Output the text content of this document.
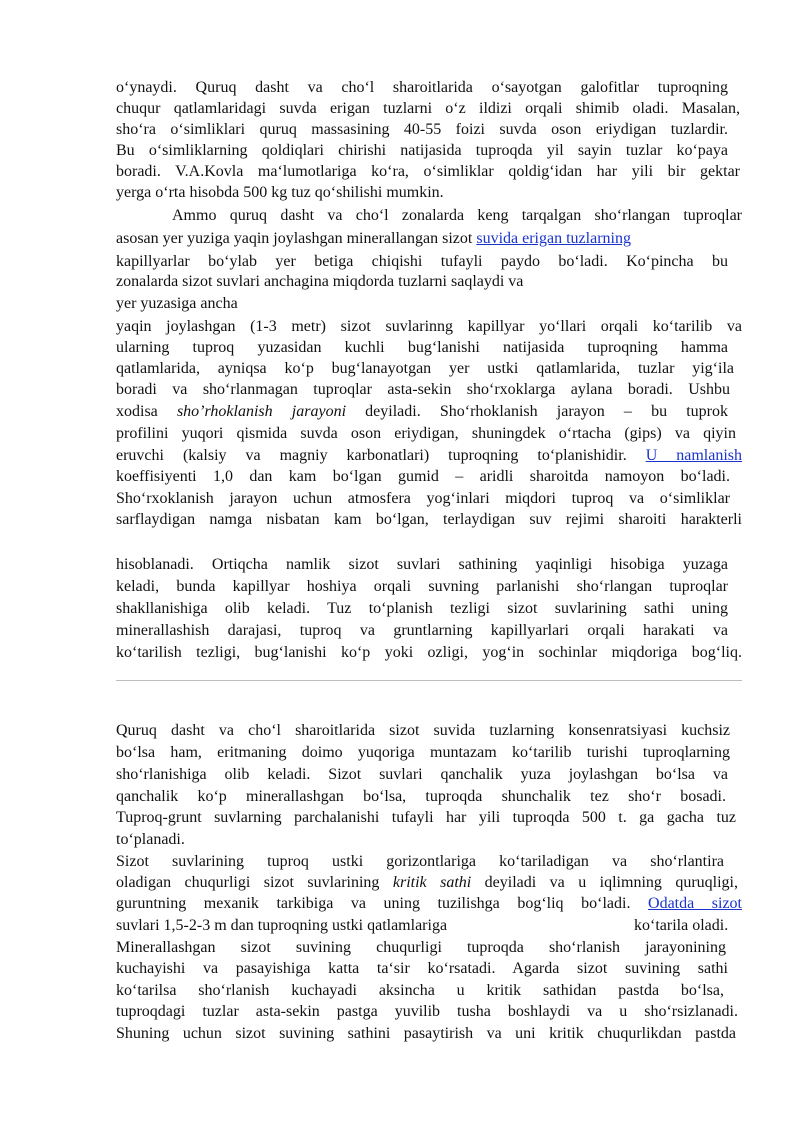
oʻynaydi. Quruq dasht va choʻl sharoitlarida oʻsayotgan galofitlar tuproqning
chuqur qatlamlaridagi suvda erigan tuzlarni oʻz ildizi orqali shimib oladi. Masalan,
shoʻra oʻsimliklari quruq massasining 40-55 foizi suvda oson eriydigan tuzlardir.
Bu oʻsimliklarning qoldiqlari chirishi natijasida tuproqda yil sayin tuzlar koʻpaya
boradi. V.A.Kovla maʻlumotlariga koʻra, oʻsimliklar qoldigʻidan har yili bir gektar
yerga oʻrta hisobda 500 kg tuz qoʻshilishi mumkin.
Ammo quruq dasht va choʻl zonalarda keng tarqalgan shoʻrlangan tuproqlar
asosan yer yuziga yaqin joylashgan minerallangan sizot suvida erigan tuzlarning
kapillyarlar boʻylab yer betiga chiqishi tufayli paydo boʻladi. Koʻpincha bu
zonalarda sizot suvlari anchagina miqdorda tuzlarni saqlaydi va
yer yuzasiga ancha
yaqin joylashgan (1-3 metr) sizot suvlarinng kapillyar yoʻllari orqali koʻtarilib va
ularning tuproq yuzasidan kuchli bugʻlanishi natijasida tuproqning hamma
qatlamlarida, ayniqsa koʻp bugʻlanayotgan yer ustki qatlamlarida, tuzlar yigʻila
boradi va shoʻrlanmagan tuproqlar asta-sekin shoʻrxoklarga aylana boradi. Ushbu
xodisa sho’rhoklanish jarayoni deyiladi. Shoʻrhoklanish jarayon – bu tuprok
profilini yuqori qismida suvda oson eriydigan, shuningdek oʻrtacha (gips) va qiyin
eruvchi (kalsiy va magniy karbonatlari) tuproqning toʻplanishidir. U namlanish
koeffisiyenti 1,0 dan kam boʻlgan gumid – aridli sharoitda namoyon boʻladi.
Shoʻrxoklanish jarayon uchun atmosfera yogʻinlari miqdori tuproq va oʻsimliklar
sarflaydigan namga nisbatan kam boʻlgan, terlaydigan suv rejimi sharoiti harakterli
hisoblanadi. Ortiqcha namlik sizot suvlari sathining yaqinligi hisobiga yuzaga
keladi, bunda kapillyar hoshiya orqali suvning parlanishi shoʻrlangan tuproqlar
shakllanishiga olib keladi. Tuz toʻplanish tezligi sizot suvlarining sathi uning
minerallashish darajasi, tuproq va gruntlarning kapillyarlari orqali harakati va
koʻtarilish tezligi, bugʻlanishi koʻp yoki ozligi, yogʻin sochinlar miqdoriga bogʻliq.
Quruq dasht va choʻl sharoitlarida sizot suvida tuzlarning konsenratsiyasi kuchsiz
boʻlsa ham, eritmaning doimo yuqoriga muntazam koʻtarilib turishi tuproqlarning
shoʻrlanishiga olib keladi. Sizot suvlari qanchalik yuza joylashgan boʻlsa va
qanchalik koʻp minerallashgan boʻlsa, tuproqda shunchalik tez shoʻr bosadi.
Tuproq-grunt suvlarning parchalanishi tufayli har yili tuproqda 500 t. ga gacha tuz
toʻplanadi.
Sizot suvlarining tuproq ustki gorizontlariga koʻtariladigan va shoʻrlantira
oladigan chuqurligi sizot suvlarining kritik sathi deyiladi va u iqlimning quruqligi,
guruntning mexanik tarkibiga va uning tuzilishga bogʻliq boʻladi. Odatda sizot
suvlari 1,5-2-3 m dan tuproqning ustki qatlamlariga	koʻtarila oladi.
Minerallashgan sizot suvining chuqurligi tuproqda shoʻrlanish jarayonining
kuchayishi va pasayishiga katta taʻsir koʻrsatadi. Agarda sizot suvining sathi
koʻtarilsa shoʻrlanish kuchayadi aksincha u kritik sathidan pastda boʻlsa,
tuproqdagi tuzlar asta-sekin pastga yuvilib tusha boshlaydi va u shoʻrsizlanadi.
Shuning uchun sizot suvining sathini pasaytirish va uni kritik chuqurlikdan pastda
